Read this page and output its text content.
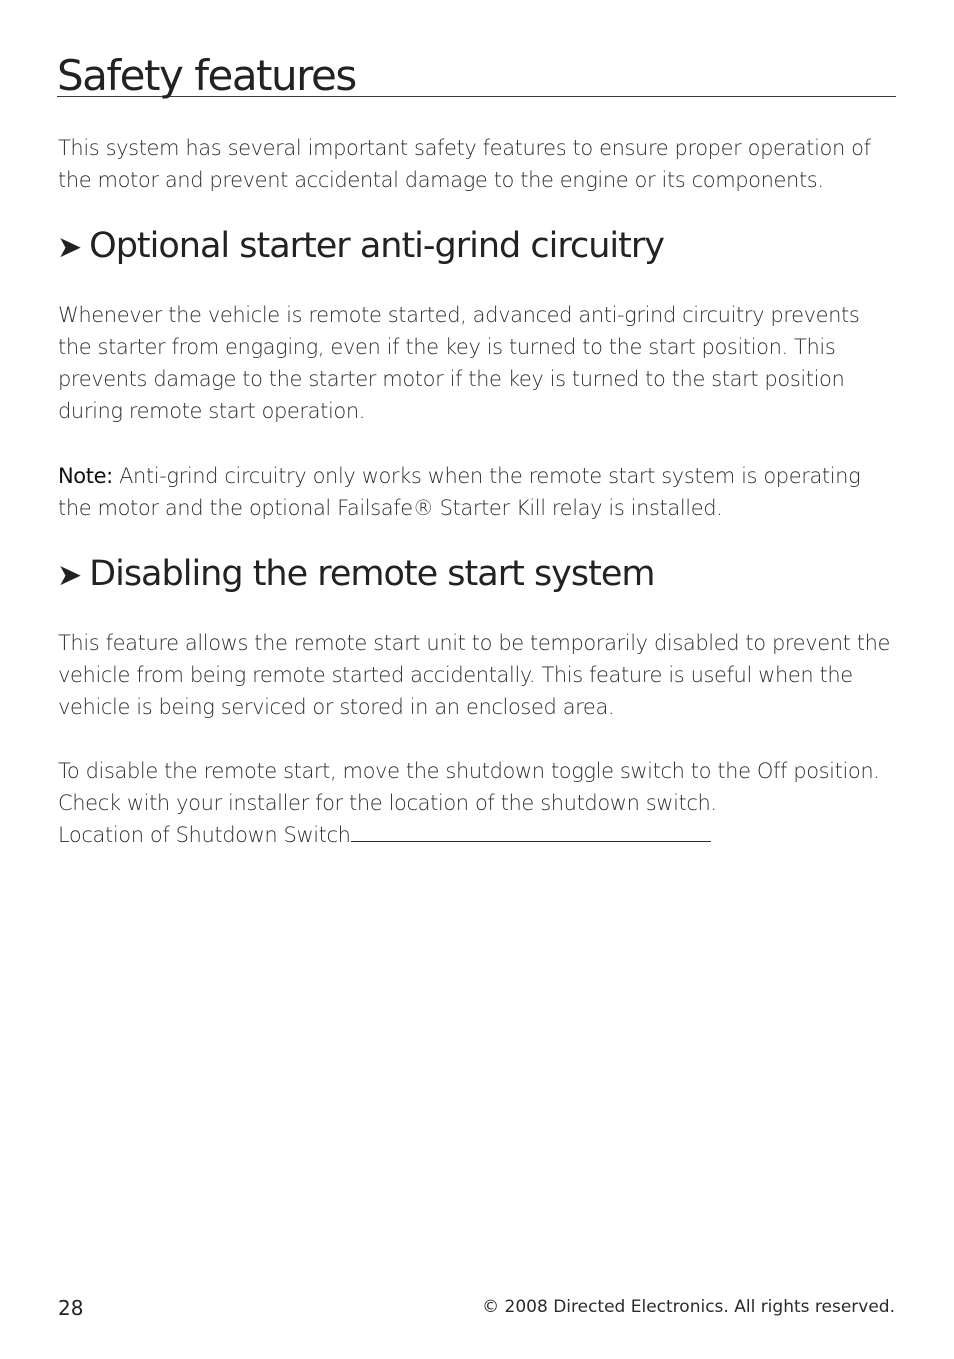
Safety features

This system has several important safety features to ensure proper operation of the motor and prevent accidental damage to the engine or its components.

➤ Optional starter anti-grind circuitry

Whenever the vehicle is remote started, advanced anti-grind circuitry prevents the starter from engaging, even if the key is turned to the start position. This prevents damage to the starter motor if the key is turned to the start position during remote start operation.

Note: Anti-grind circuitry only works when the remote start system is operating the motor and the optional Failsafe® Starter Kill relay is installed.

➤ Disabling the remote start system

This feature allows the remote start unit to be temporarily disabled to prevent the vehicle from being remote started accidentally. This feature is useful when the vehicle is being serviced or stored in an enclosed area.

To disable the remote start, move the shutdown toggle switch to the Off position. Check with your installer for the location of the shutdown switch.
Location of Shutdown Switch

28	© 2008 Directed Electronics. All rights reserved.
